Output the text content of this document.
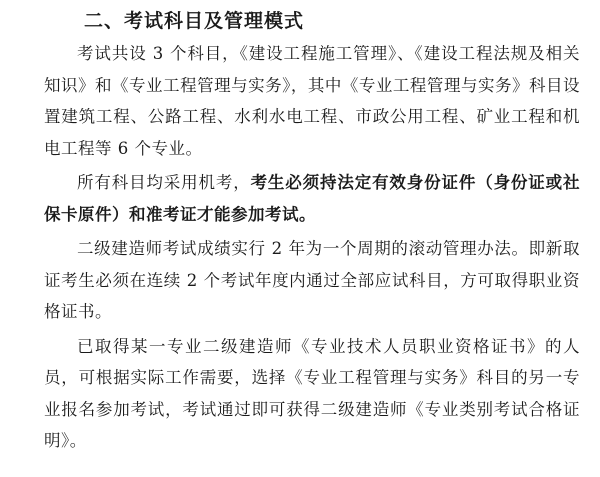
二、考试科目及管理模式

考试共设 3 个科目，《建设工程施工管理》、《建设工程法规及相关知识》和《专业工程管理与实务》，其中《专业工程管理与实务》科目设置建筑工程、公路工程、水利水电工程、市政公用工程、矿业工程和机电工程等 6 个专业。

所有科目均采用机考，考生必须持法定有效身份证件（身份证或社保卡原件）和准考证才能参加考试。

二级建造师考试成绩实行 2 年为一个周期的滚动管理办法。即新取证考生必须在连续 2 个考试年度内通过全部应试科目，方可取得职业资格证书。

已取得某一专业二级建造师《专业技术人员职业资格证书》的人员，可根据实际工作需要，选择《专业工程管理与实务》科目的另一专业报名参加考试，考试通过即可获得二级建造师《专业类别考试合格证明》。
